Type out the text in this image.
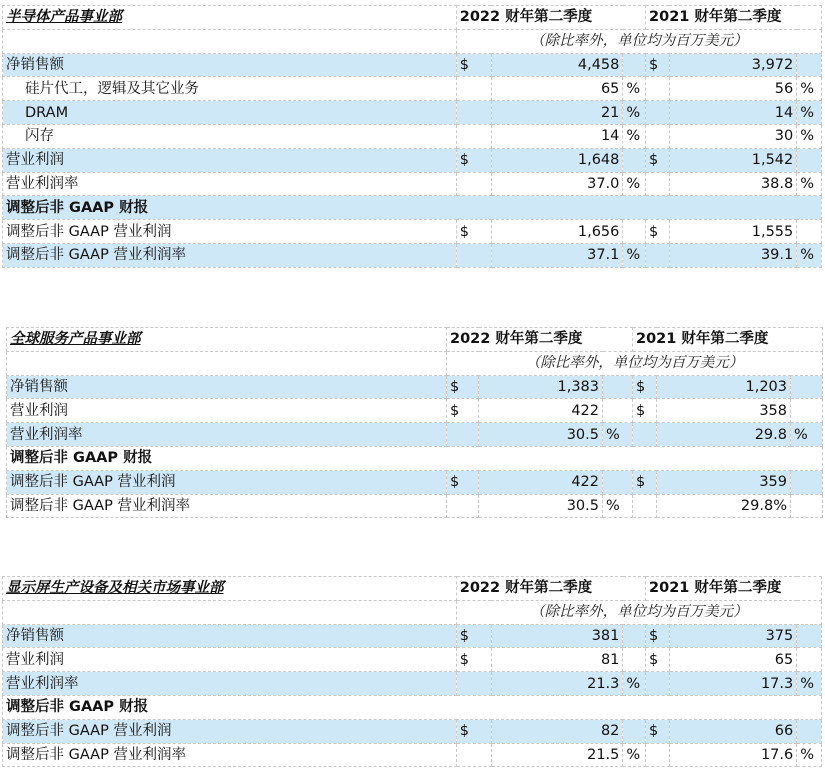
半导体产品事业部	2022 财年第二季度			2021 财年第二季度		
	（除比率外，单位均为百万美元）					
净销售额	$	4,458		$	3,972	
硅片代工，逻辑及其它业务		65	%		56	%
DRAM		21	%		14	%
闪存		14	%		30	%
营业利润	$	1,648		$	1,542	
营业利润率		37.0	%		38.8	%
调整后非 GAAP 财报						
调整后非 GAAP 营业利润	$	1,656		$	1,555	
调整后非 GAAP 营业利润率		37.1	%		39.1	%
全球服务产品事业部	2022 财年第二季度			2021 财年第二季度		
	（除比率外，单位均为百万美元）					
净销售额	$	1,383		$	1,203	
营业利润	$	422		$	358	
营业利润率		30.5	%		29.8	%
调整后非 GAAP 财报						
调整后非 GAAP 营业利润	$	422		$	359	
调整后非 GAAP 营业利润率		30.5	%		29.8%	
显示屏生产设备及相关市场事业部	2022 财年第二季度			2021 财年第二季度		
	（除比率外，单位均为百万美元）					
净销售额	$	381		$	375	
营业利润	$	81		$	65	
营业利润率		21.3	%		17.3	%
调整后非 GAAP 财报						
调整后非 GAAP 营业利润	$	82		$	66	
调整后非 GAAP 营业利润率		21.5	%		17.6	%
